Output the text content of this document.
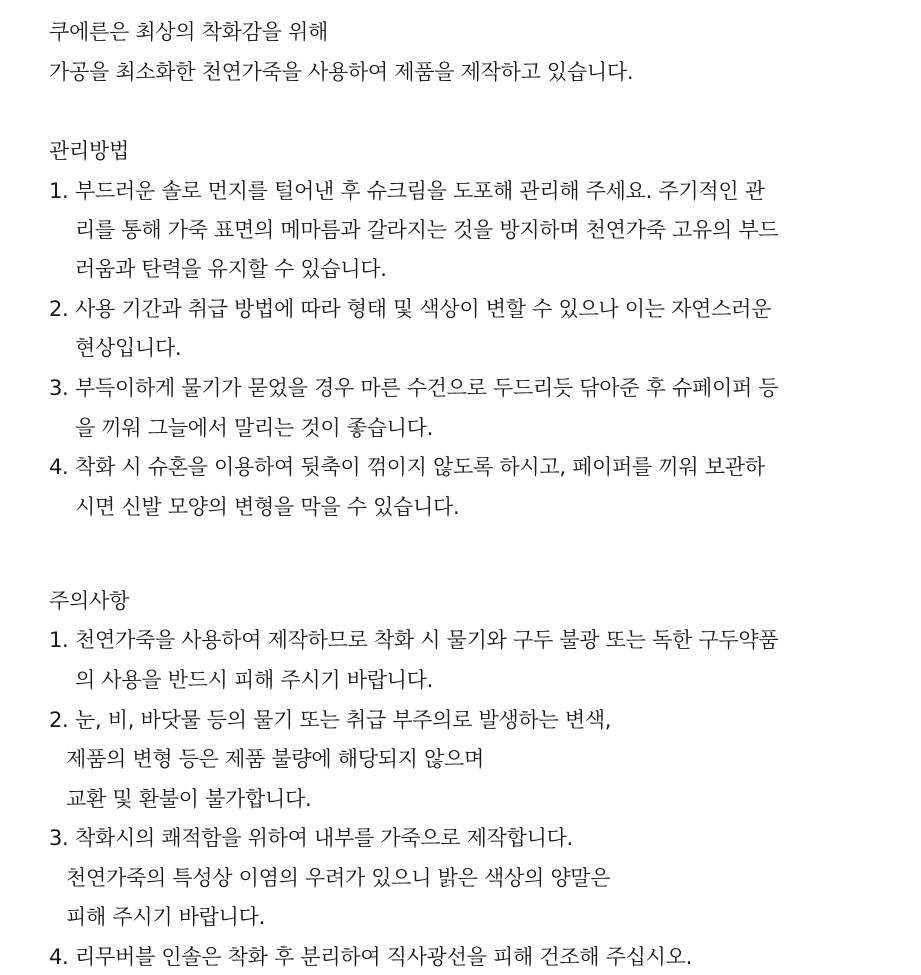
쿠에른은 최상의 착화감을 위해
가공을 최소화한 천연가죽을 사용하여 제품을 제작하고 있습니다.
관리방법
1. 부드러운 솔로 먼지를 털어낸 후 슈크림을 도포해 관리해 주세요. 주기적인 관
리를 통해 가죽 표면의 메마름과 갈라지는 것을 방지하며 천연가죽 고유의 부드
러움과 탄력을 유지할 수 있습니다.
2. 사용 기간과 취급 방법에 따라 형태 및 색상이 변할 수 있으나 이는 자연스러운
현상입니다.
3. 부득이하게 물기가 묻었을 경우 마른 수건으로 두드리듯 닦아준 후 슈페이퍼 등
을 끼워 그늘에서 말리는 것이 좋습니다.
4. 착화 시 슈혼을 이용하여 뒷축이 꺾이지 않도록 하시고, 페이퍼를 끼워 보관하
시면 신발 모양의 변형을 막을 수 있습니다.
주의사항
1. 천연가죽을 사용하여 제작하므로 착화 시 물기와 구두 불광 또는 독한 구두약품
의 사용을 반드시 피해 주시기 바랍니다.
2. 눈, 비, 바닷물 등의 물기 또는 취급 부주의로 발생하는 변색,
제품의 변형 등은 제품 불량에 해당되지 않으며
교환 및 환불이 불가합니다.
3. 착화시의 쾌적함을 위하여 내부를 가죽으로 제작합니다.
천연가죽의 특성상 이염의 우려가 있으니 밝은 색상의 양말은
피해 주시기 바랍니다.
4. 리무버블 인솔은 착화 후 분리하여 직사광선을 피해 건조해 주십시오.
